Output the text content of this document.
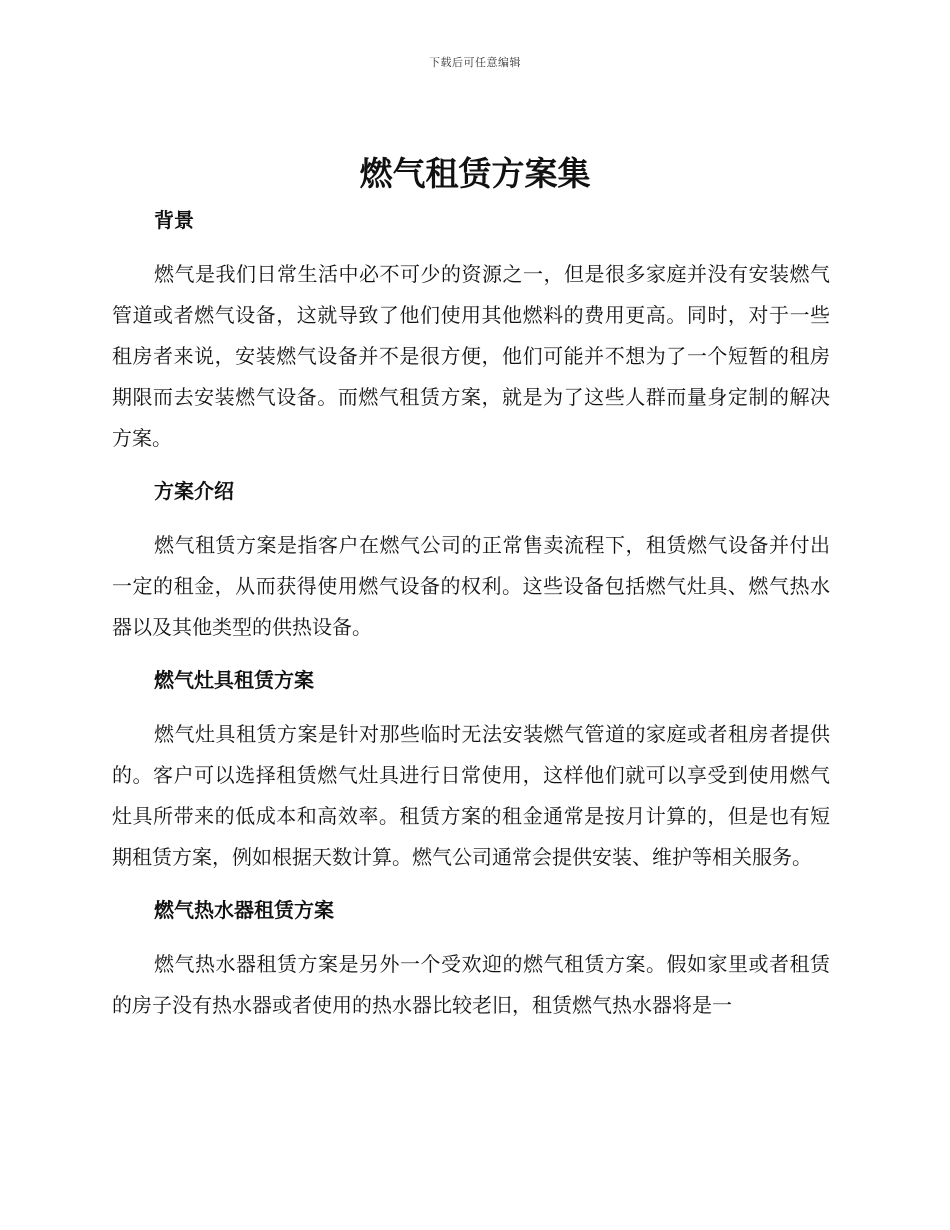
下载后可任意编辑
燃气租赁方案集
背景

燃气是我们日常生活中必不可少的资源之一，但是很多家庭并没有安装燃气管道或者燃气设备，这就导致了他们使用其他燃料的费用更高。同时，对于一些租房者来说，安装燃气设备并不是很方便，他们可能并不想为了一个短暂的租房期限而去安装燃气设备。而燃气租赁方案，就是为了这些人群而量身定制的解决方案。

方案介绍

燃气租赁方案是指客户在燃气公司的正常售卖流程下，租赁燃气设备并付出一定的租金，从而获得使用燃气设备的权利。这些设备包括燃气灶具、燃气热水器以及其他类型的供热设备。

燃气灶具租赁方案

燃气灶具租赁方案是针对那些临时无法安装燃气管道的家庭或者租房者提供的。客户可以选择租赁燃气灶具进行日常使用，这样他们就可以享受到使用燃气灶具所带来的低成本和高效率。租赁方案的租金通常是按月计算的，但是也有短期租赁方案，例如根据天数计算。燃气公司通常会提供安装、维护等相关服务。

燃气热水器租赁方案

燃气热水器租赁方案是另外一个受欢迎的燃气租赁方案。假如家里或者租赁的房子没有热水器或者使用的热水器比较老旧，租赁燃气热水器将是一
